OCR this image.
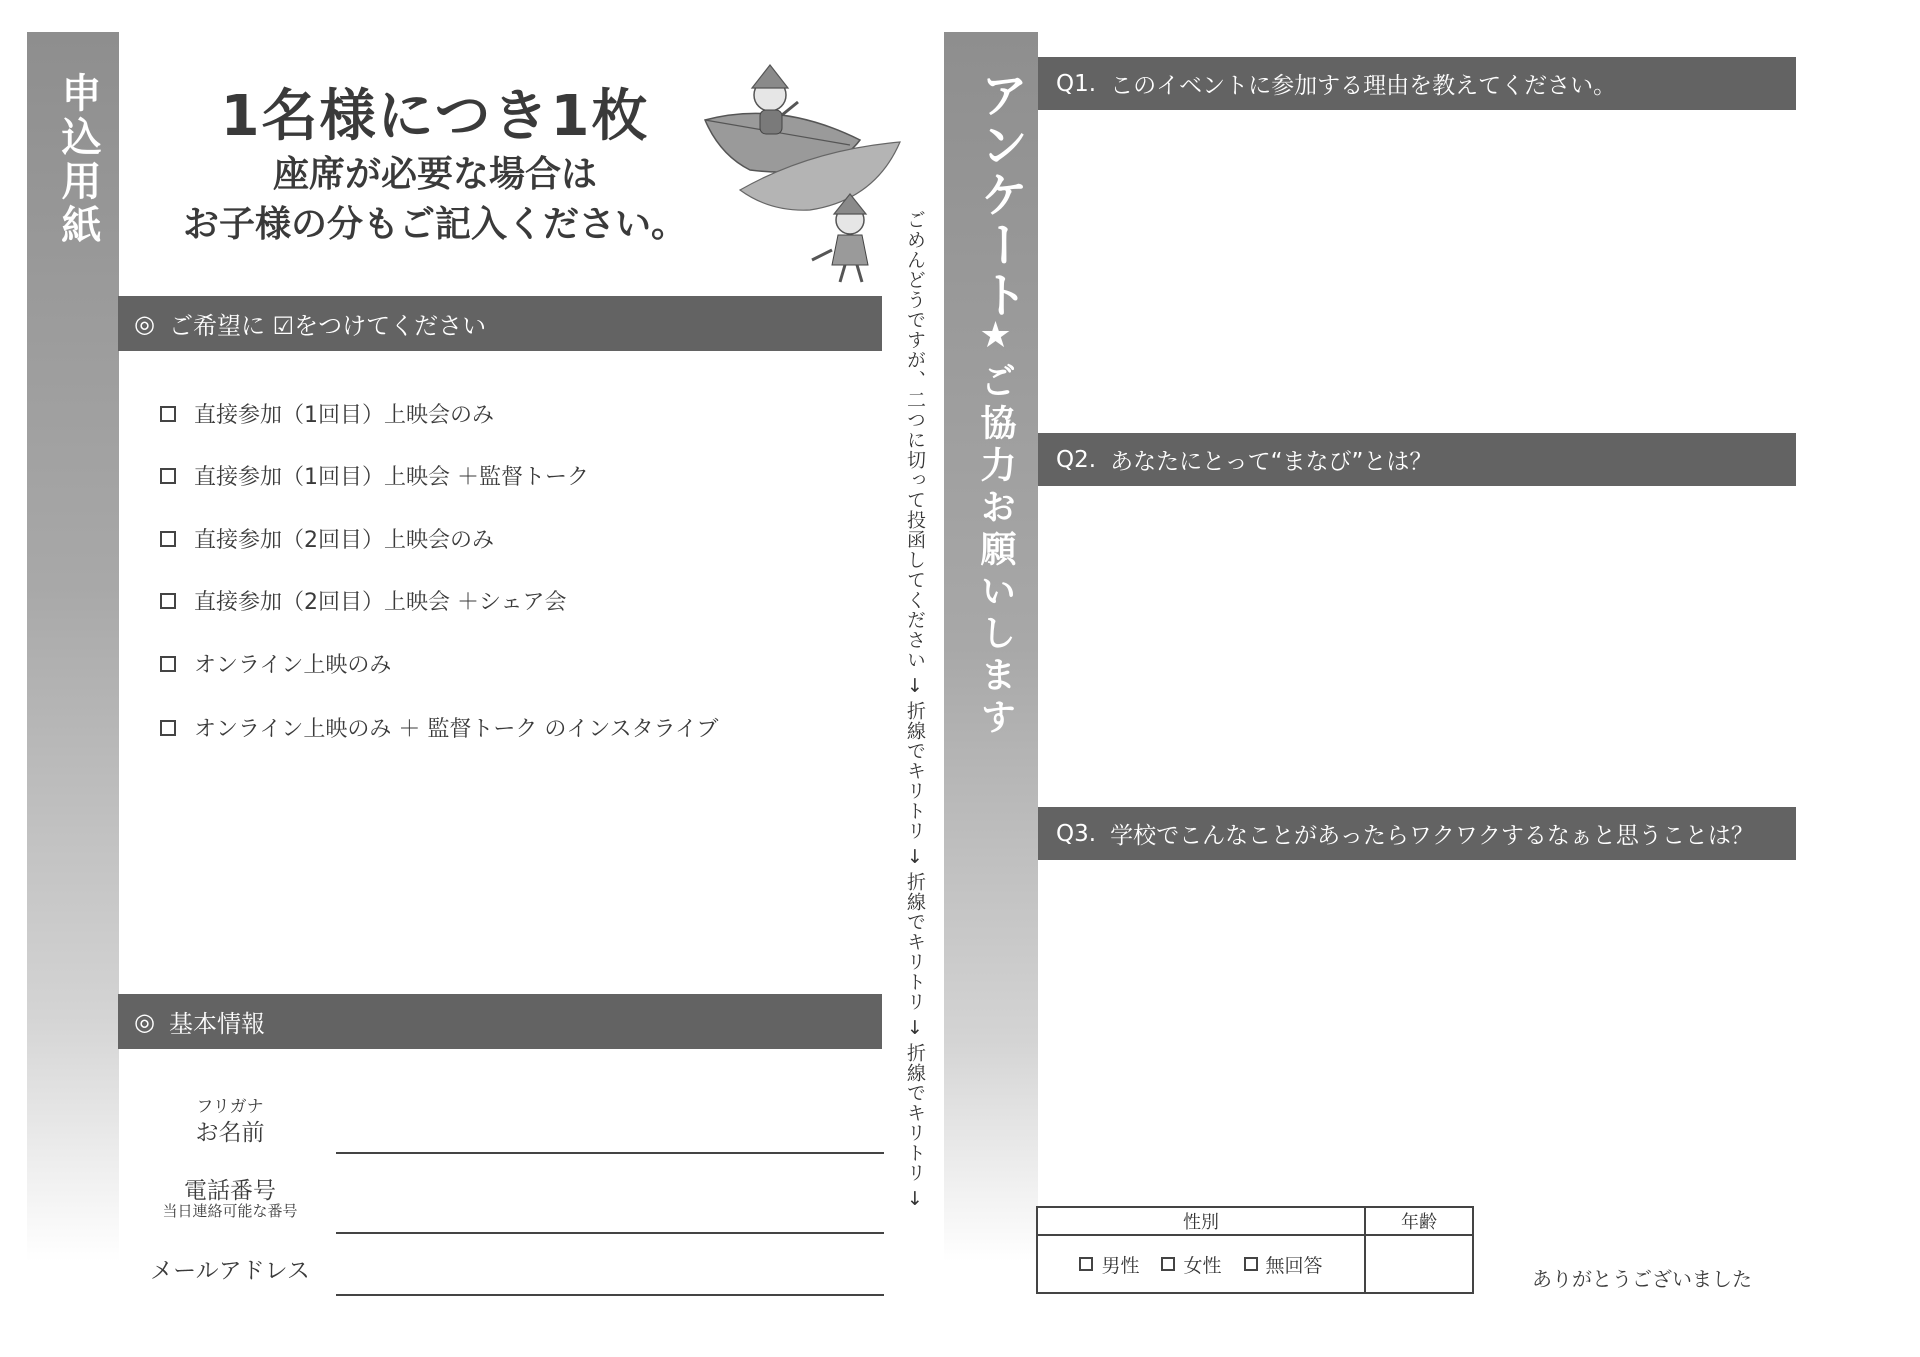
申込用紙	1名様につき1枚
座席が必要な場合は
お子様の分もご記入ください。
◎ ご希望に ☑をつけてください
直接参加（1回目）上映会のみ
直接参加（1回目）上映会 ＋監督トーク
直接参加（2回目）上映会のみ
直接参加（2回目）上映会 ＋シェア会
オンライン上映のみ
オンライン上映のみ ＋ 監督トーク のインスタライブ
◎ 基本情報
フリガナ
お名前
電話番号
当日連絡可能な番号
メールアドレス
ごめんどうですが、二つに切って投函してください → 折線でキリトリ → 折線でキリトリ → 折線でキリトリ →
アンケート
★ご協力お願いします
Q1. このイベントに参加する理由を教えてください。
Q2. あなたにとって“まなび”とは？
Q3. 学校でこんなことがあったらワクワクするなぁと思うことは？
性別	年齢

男性 女性 無回答	

ありがとうございました
